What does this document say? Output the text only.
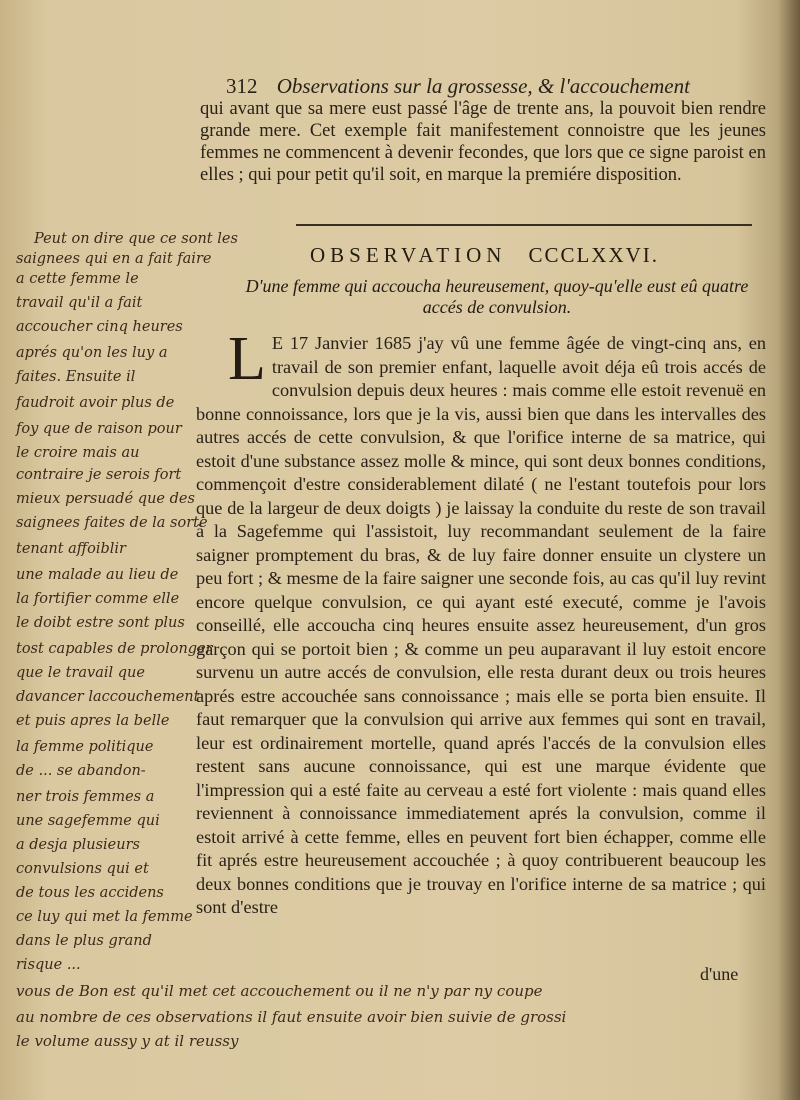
312 Observations sur la grossesse, & l'accouchement
qui avant que sa mere eust passé l'âge de trente ans, la pouvoit bien rendre grande mere. Cet exemple fait manifestement connoistre que les jeunes femmes ne commencent à devenir fecondes, que lors que ce signe paroist en elles ; qui pour petit qu'il soit, en marque la premiére disposition.
OBSERVATION CCCLXXVI.
D'une femme qui accoucha heureusement, quoy-qu'elle eust eû quatre accés de convulsion.
L E 17 Janvier 1685 j'ay vû une femme âgée de vingt-cinq ans, en travail de son premier enfant, laquelle avoit déja eû trois accés de convulsion depuis deux heures : mais comme elle estoit revenuë en bonne connoissance, lors que je la vis, aussi bien que dans les intervalles des autres accés de cette convulsion, & que l'orifice interne de sa matrice, qui estoit d'une substance assez molle & mince, qui sont deux bonnes conditions, commençoit d'estre considerablement dilaté ( ne l'estant toutefois pour lors que de la largeur de deux doigts ) je laissay la conduite du reste de son travail à la Sagefemme qui l'assistoit, luy recommandant seulement de la faire saigner promptement du bras, & de luy faire donner ensuite un clystere un peu fort ; & mesme de la faire saigner une seconde fois, au cas qu'il luy revint encore quelque convulsion, ce qui ayant esté executé, comme je l'avois conseillé, elle accoucha cinq heures ensuite assez heureusement, d'un gros garçon qui se portoit bien ; & comme un peu auparavant il luy estoit encore survenu un autre accés de convulsion, elle resta durant deux ou trois heures aprés estre accouchée sans connoissance ; mais elle se porta bien ensuite. Il faut remarquer que la convulsion qui arrive aux femmes qui sont en travail, leur est ordinairement mortelle, quand aprés l'accés de la convulsion elles restent sans aucune connoissance, qui est une marque évidente que l'impression qui a esté faite au cerveau a esté fort violente : mais quand elles reviennent à connoissance immediatement aprés la convulsion, comme il estoit arrivé à cette femme, elles en peuvent fort bien échapper, comme elle fit aprés estre heureusement accouchée ; à quoy contribuerent beaucoup les deux bonnes conditions que je trouvay en l'orifice interne de sa matrice ; qui sont d'estre
d'une
Peut on dire que ce sont les
saignees qui en a fait faire
a cette femme le
travail qu'il a fait
accoucher cinq heures
aprés qu'on les luy a
faites. Ensuite il
faudroit avoir plus de
foy que de raison pour
le croire mais au
contraire je serois fort
mieux persuadé que des
saignees faites de la sorte
tenant affoiblir
une malade au lieu de
la fortifier comme elle
le doibt estre sont plus
tost capables de prolonger
que le travail que
davancer laccouchement
et puis apres la belle
la femme politique
de ... se abandon-
ner trois femmes a
une sagefemme qui
a desja plusieurs
convulsions qui et
de tous les accidens
ce luy qui met la femme
dans le plus grand
risque ...
vous de Bon est qu'il met cet accouchement ou il ne n'y par ny coupe
au nombre de ces observations il faut ensuite avoir bien suivie de grossi
le volume aussy y at il reussy
